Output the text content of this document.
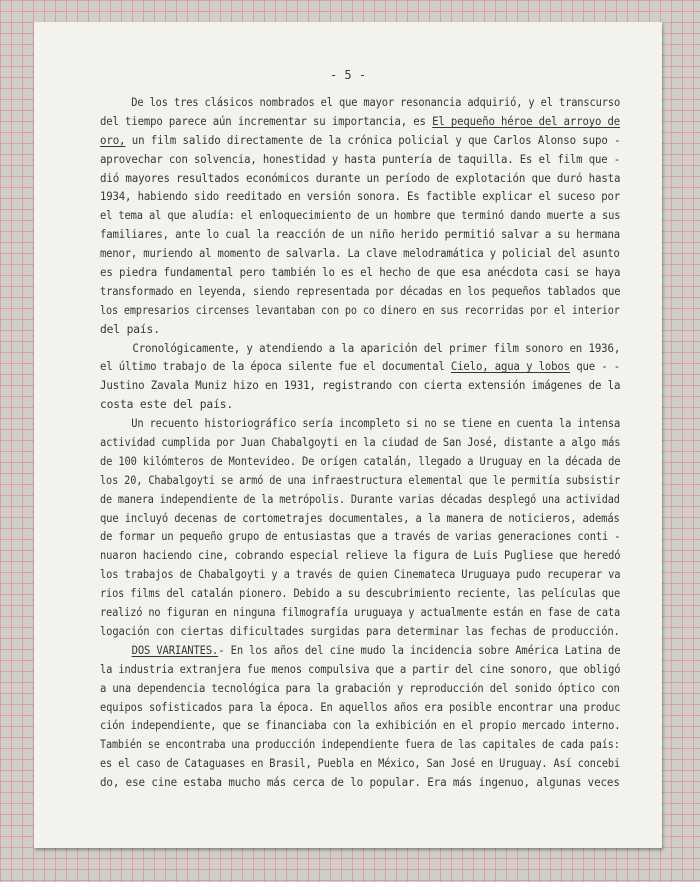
- 5 -
De los tres clásicos nombrados el que mayor resonancia adquirió, y el transcurso
del tiempo parece aún incrementar su importancia, es El pequeño héroe del arroyo de
oro, un film salido directamente de la crónica policial y que Carlos Alonso supo -
aprovechar con solvencia, honestidad y hasta puntería de taquilla. Es el film que -
dió mayores resultados económicos durante un período de explotación que duró hasta
1934, habiendo sido reeditado en versión sonora. Es factible explicar el suceso por
el tema al que aludía: el enloquecimiento de un hombre que terminó dando muerte a sus
familiares, ante lo cual la reacción de un niño herido permitió salvar a su hermana
menor, muriendo al momento de salvarla. La clave melodramática y policial del asunto
es piedra fundamental pero también lo es el hecho de que esa anécdota casi se haya
transformado en leyenda, siendo representada por décadas en los pequeños tablados que
los empresarios circenses levantaban con po co dinero en sus recorridas por el interior
del país.
Cronológicamente, y atendiendo a la aparición del primer film sonoro en 1936,
el último trabajo de la época silente fue el documental Cielo, agua y lobos que - -
Justino Zavala Muniz hizo en 1931, registrando con cierta extensión imágenes de la
costa este del país.
Un recuento historiográfico sería incompleto si no se tiene en cuenta la intensa
actividad cumplida por Juan Chabalgoyti en la ciudad de San José, distante a algo más
de 100 kilómteros de Montevideo. De orígen catalán, llegado a Uruguay en la década de
los 20, Chabalgoyti se armó de una infraestructura elemental que le permitía subsistir
de manera independiente de la metrópolis. Durante varias décadas desplegó una actividad
que incluyó decenas de cortometrajes documentales, a la manera de noticieros, además
de formar un pequeño grupo de entusiastas que a través de varias generaciones conti -
nuaron haciendo cine, cobrando especial relieve la figura de Luis Pugliese que heredó
los trabajos de Chabalgoyti y a través de quien Cinemateca Uruguaya pudo recuperar va
rios films del catalán pionero. Debido a su descubrimiento reciente, las películas que
realizó no figuran en ninguna filmografía uruguaya y actualmente están en fase de cata
logación con ciertas dificultades surgidas para determinar las fechas de producción.
DOS VARIANTES.- En los años del cine mudo la incidencia sobre América Latina de
la industria extranjera fue menos compulsiva que a partir del cine sonoro, que obligó
a una dependencia tecnológica para la grabación y reproducción del sonido óptico con
equipos sofisticados para la época. En aquellos años era posible encontrar una produc
ción independiente, que se financiaba con la exhibición en el propio mercado interno.
También se encontraba una producción independiente fuera de las capitales de cada país:
es el caso de Cataguases en Brasil, Puebla en México, San José en Uruguay. Así concebi
do, ese cine estaba mucho más cerca de lo popular. Era más ingenuo, algunas veces
